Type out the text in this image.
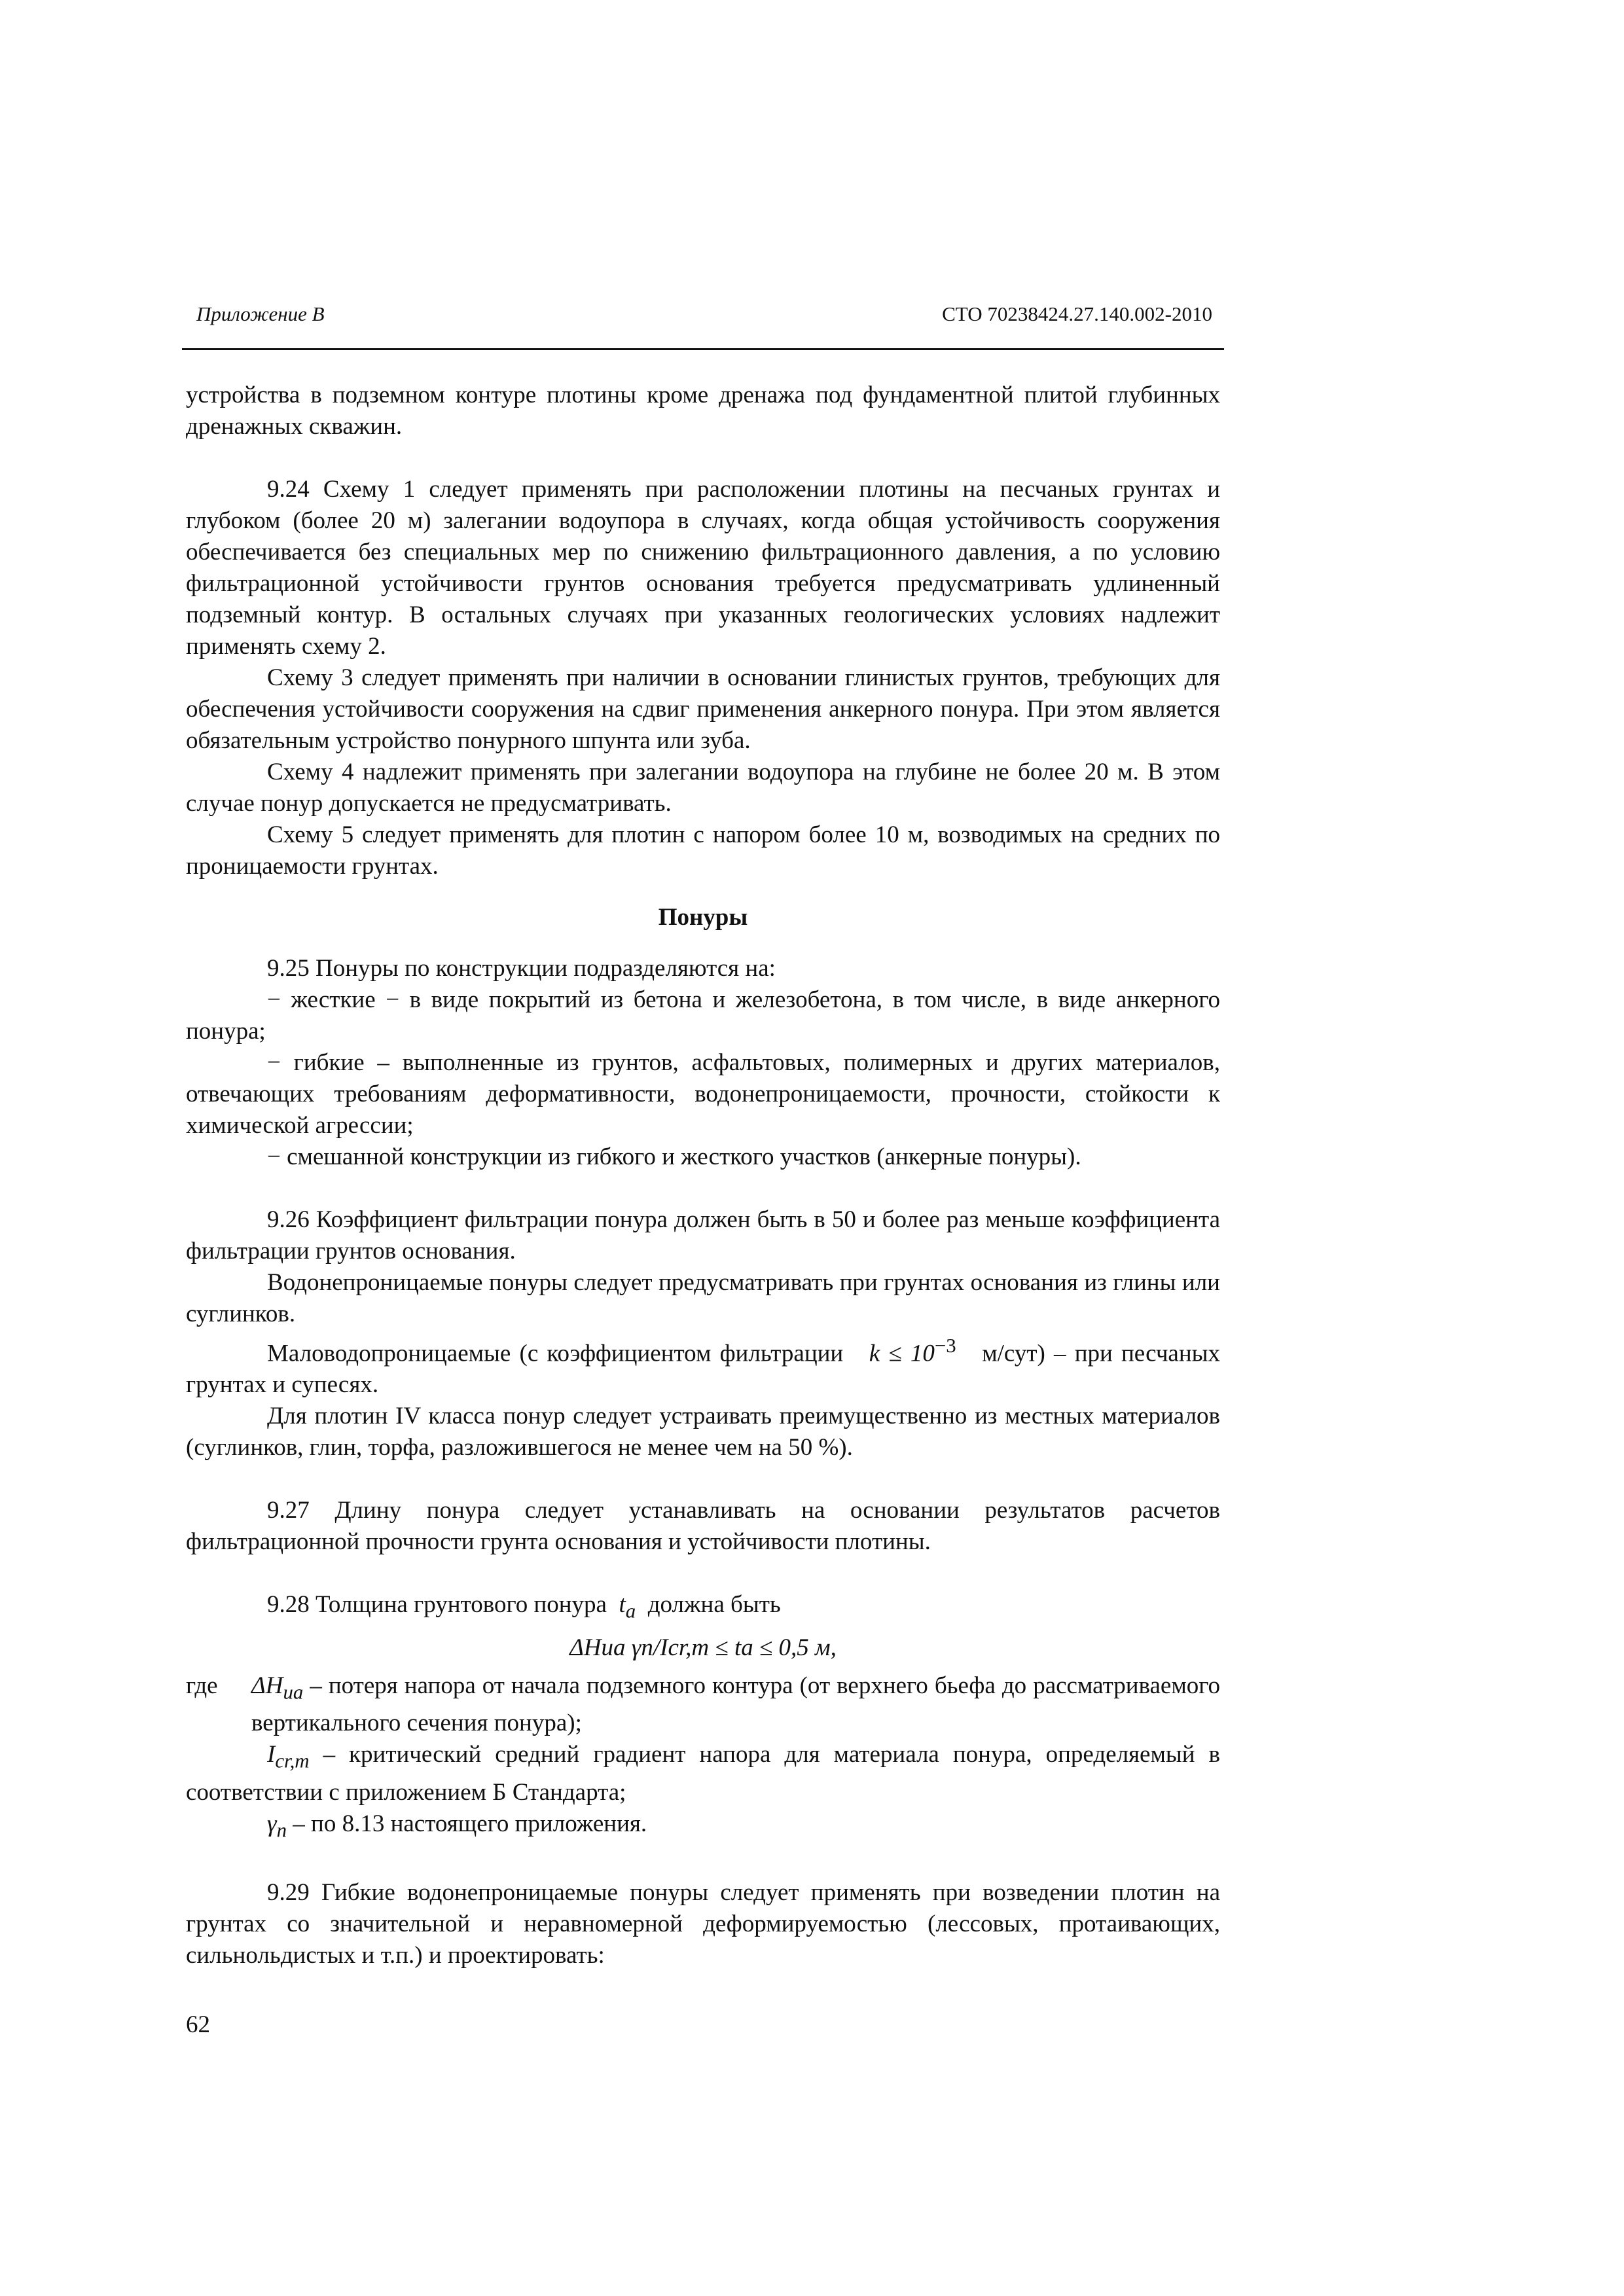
Приложение В	СТО 70238424.27.140.002-2010

устройства в подземном контуре плотины кроме дренажа под фундаментной плитой глубинных дренажных скважин.

9.24 Схему 1 следует применять при расположении плотины на песчаных грунтах и глубоком (более 20 м) залегании водоупора в случаях, когда общая устойчивость сооружения обеспечивается без специальных мер по снижению фильтрационного давления, а по условию фильтрационной устойчивости грунтов основания требуется предусматривать удлиненный подземный контур. В остальных случаях при указанных геологических условиях надлежит применять схему 2.

Схему 3 следует применять при наличии в основании глинистых грунтов, требующих для обеспечения устойчивости сооружения на сдвиг применения анкерного понура. При этом является обязательным устройство понурного шпунта или зуба.

Схему 4 надлежит применять при залегании водоупора на глубине не более 20 м. В этом случае понур допускается не предусматривать.

Схему 5 следует применять для плотин с напором более 10 м, возводимых на средних по проницаемости грунтах.

Понуры

9.25 Понуры по конструкции подразделяются на:

− жесткие − в виде покрытий из бетона и железобетона, в том числе, в виде анкерного понура;

− гибкие – выполненные из грунтов, асфальтовых, полимерных и других материалов, отвечающих требованиям деформативности, водонепроницаемости, прочности, стойкости к химической агрессии;

− смешанной конструкции из гибкого и жесткого участков (анкерные понуры).

9.26 Коэффициент фильтрации понура должен быть в 50 и более раз меньше коэффициента фильтрации грунтов основания.

Водонепроницаемые понуры следует предусматривать при грунтах основания из глины или суглинков.

Маловодопроницаемые (с коэффициентом фильтрации $k \le 10^{-3}$ м/сут) – при песчаных грунтах и супесях.

Для плотин IV класса понур следует устраивать преимущественно из местных материалов (суглинков, глин, торфа, разложившегося не менее чем на 50 %).

9.27 Длину понура следует устанавливать на основании результатов расчетов фильтрационной прочности грунта основания и устойчивости плотины.

9.28 Толщина грунтового понура $t_a$ должна быть

ΔHua γn/Icr,m ≤ ta ≤ 0,5 м,
где	$\Delta H_{ua}$ – потеря напора от начала подземного контура (от верхнего бьефа до рассматриваемого вертикального сечения понура);

$I_{cr,m}$ – критический средний градиент напора для материала понура, определяемый в соответствии с приложением Б Стандарта;

$\gamma_n$ – по 8.13 настоящего приложения.

9.29 Гибкие водонепроницаемые понуры следует применять при возведении плотин на грунтах со значительной и неравномерной деформируемостью (лессовых, протаивающих, сильнольдистых и т.п.) и проектировать:

62
